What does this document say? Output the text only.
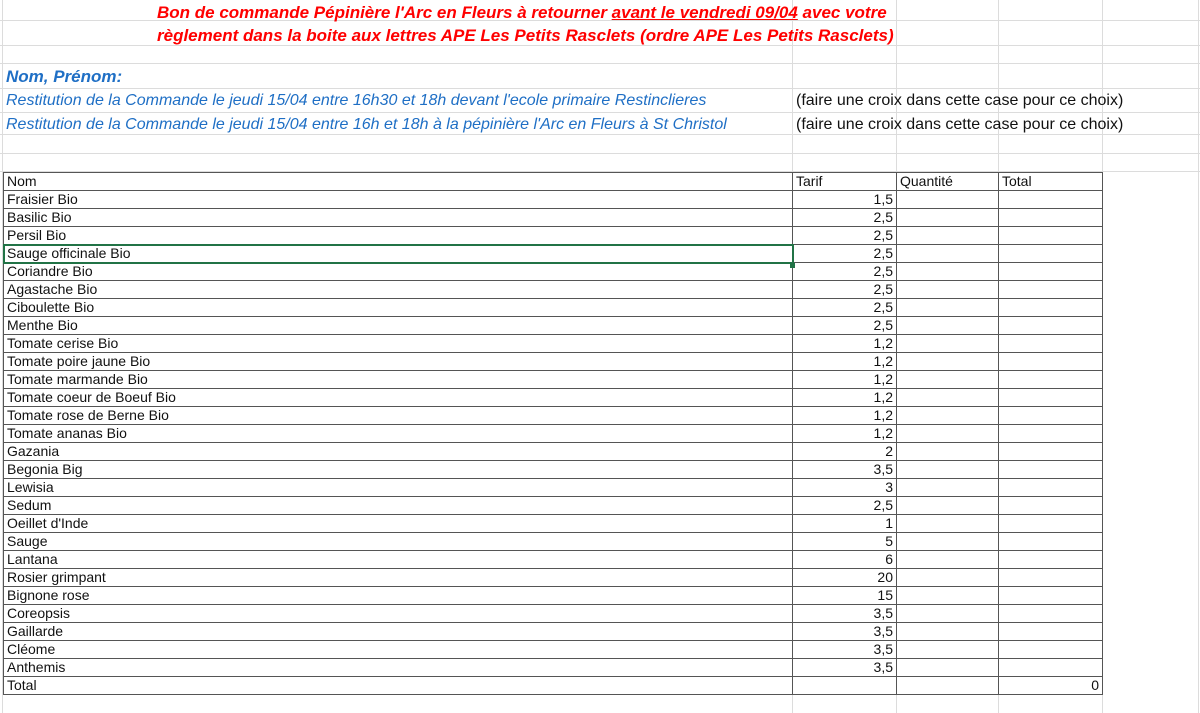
Bon de commande Pépinière l'Arc en Fleurs à retourner avant le vendredi 09/04 avec votre
règlement dans la boite aux lettres APE Les Petits Rasclets (ordre APE Les Petits Rasclets)
Nom, Prénom:
Restitution de la Commande le jeudi 15/04 entre 16h30 et 18h devant l'ecole primaire Restinclieres	(faire une croix dans cette case pour ce choix)
Restitution de la Commande le jeudi 15/04 entre 16h et 18h à la pépinière l'Arc en Fleurs à St Christol	(faire une croix dans cette case pour ce choix)
Nom	Tarif	Quantité	Total
Fraisier Bio	1,5		
Basilic Bio	2,5		
Persil Bio	2,5		
Sauge officinale Bio	2,5		
Coriandre Bio	2,5		
Agastache Bio	2,5		
Ciboulette Bio	2,5		
Menthe Bio	2,5		
Tomate cerise Bio	1,2		
Tomate poire jaune Bio	1,2		
Tomate marmande Bio	1,2		
Tomate coeur de Boeuf Bio	1,2		
Tomate rose de Berne Bio	1,2		
Tomate ananas Bio	1,2		
Gazania	2		
Begonia Big	3,5		
Lewisia	3		
Sedum	2,5		
Oeillet d'Inde	1		
Sauge	5		
Lantana	6		
Rosier grimpant	20		
Bignone rose	15		
Coreopsis	3,5		
Gaillarde	3,5		
Cléome	3,5		
Anthemis	3,5		
Total			0
